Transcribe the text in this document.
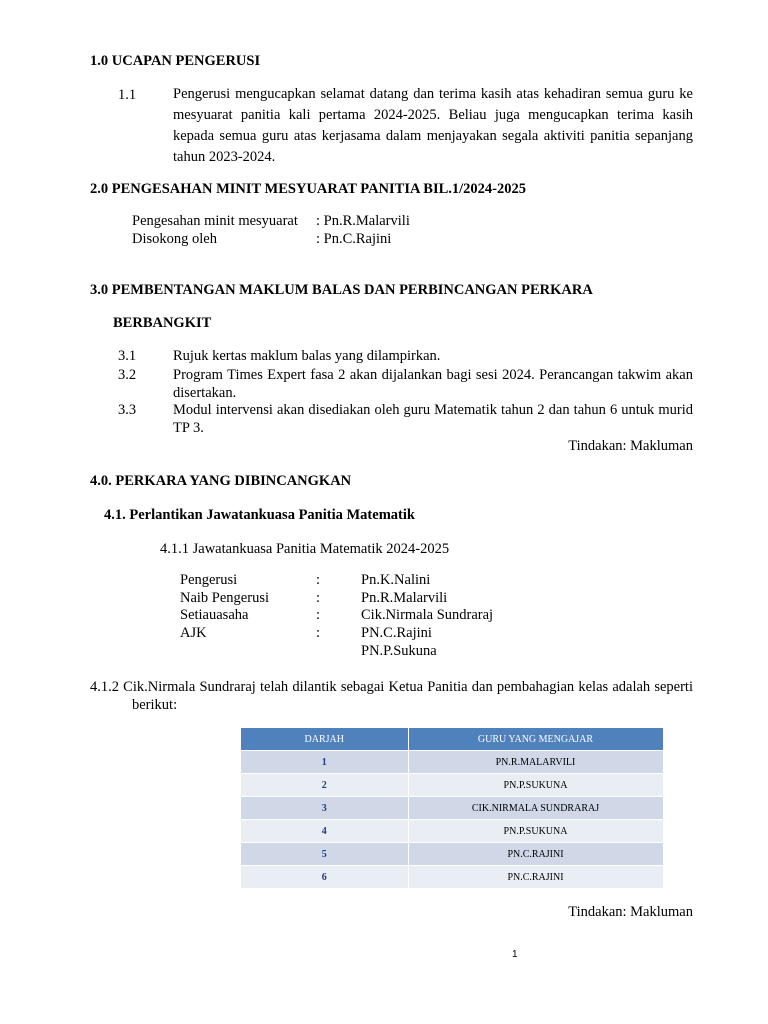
1.0 UCAPAN PENGERUSI
1.1	Pengerusi mengucapkan selamat datang dan terima kasih atas kehadiran semua guru ke mesyuarat panitia kali pertama 2024-2025. Beliau juga mengucapkan terima kasih kepada semua guru atas kerjasama dalam menjayakan segala aktiviti panitia sepanjang tahun 2023-2024.
2.0 PENGESAHAN MINIT MESYUARAT PANITIA BIL.1/2024-2025
Pengesahan minit mesyuarat : Pn.R.Malarvili
Disokong oleh	: Pn.C.Rajini
3.0 PEMBENTANGAN MAKLUM BALAS DAN PERBINCANGAN PERKARA
BERBANGKIT
3.1	Rujuk kertas maklum balas yang dilampirkan.
3.2	Program Times Expert fasa 2 akan dijalankan bagi sesi 2024. Perancangan takwim akan disertakan.
3.3	Modul intervensi akan disediakan oleh guru Matematik tahun 2 dan tahun 6 untuk murid TP 3.
Tindakan: Makluman
4.0. PERKARA YANG DIBINCANGKAN
4.1. Perlantikan Jawatankuasa Panitia Matematik
4.1.1 Jawatankuasa Panitia Matematik 2024-2025
Pengerusi	:	Pn.K.Nalini
Naib Pengerusi	:	Pn.R.Malarvili
Setiauasaha	:	Cik.Nirmala Sundraraj
AJK	:	PN.C.Rajini
PN.P.Sukuna
4.1.2 Cik.Nirmala Sundraraj telah dilantik sebagai Ketua Panitia dan pembahagian kelas adalah seperti berikut:
DARJAH	GURU YANG MENGAJAR
1	PN.R.MALARVILI
2	PN.P.SUKUNA
3	CIK.NIRMALA SUNDRARAJ
4	PN.P.SUKUNA
5	PN.C.RAJINI
6	PN.C.RAJINI
Tindakan: Makluman
1
